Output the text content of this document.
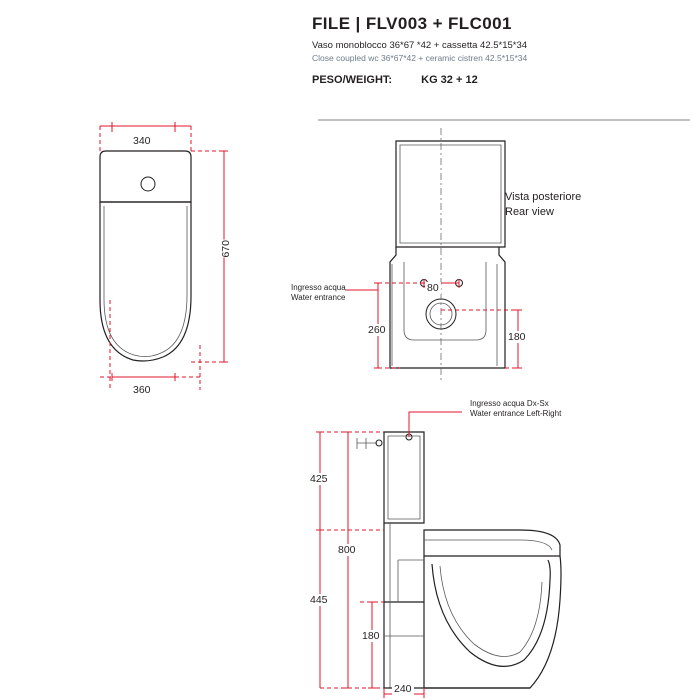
FILE | FLV003 + FLC001
Vaso monoblocco 36*67 *42 + cassetta 42.5*15*34
Close coupled wc 36*67*42 + ceramic cistren 42.5*15*34
PESO/WEIGHT:	KG 32 + 12
340
670
360
80
260
180
425
800
445
180
240
Vista posteriore
Rear view
Ingresso acqua
Water entrance
Ingresso acqua Dx-Sx
Water entrance Left-Right
